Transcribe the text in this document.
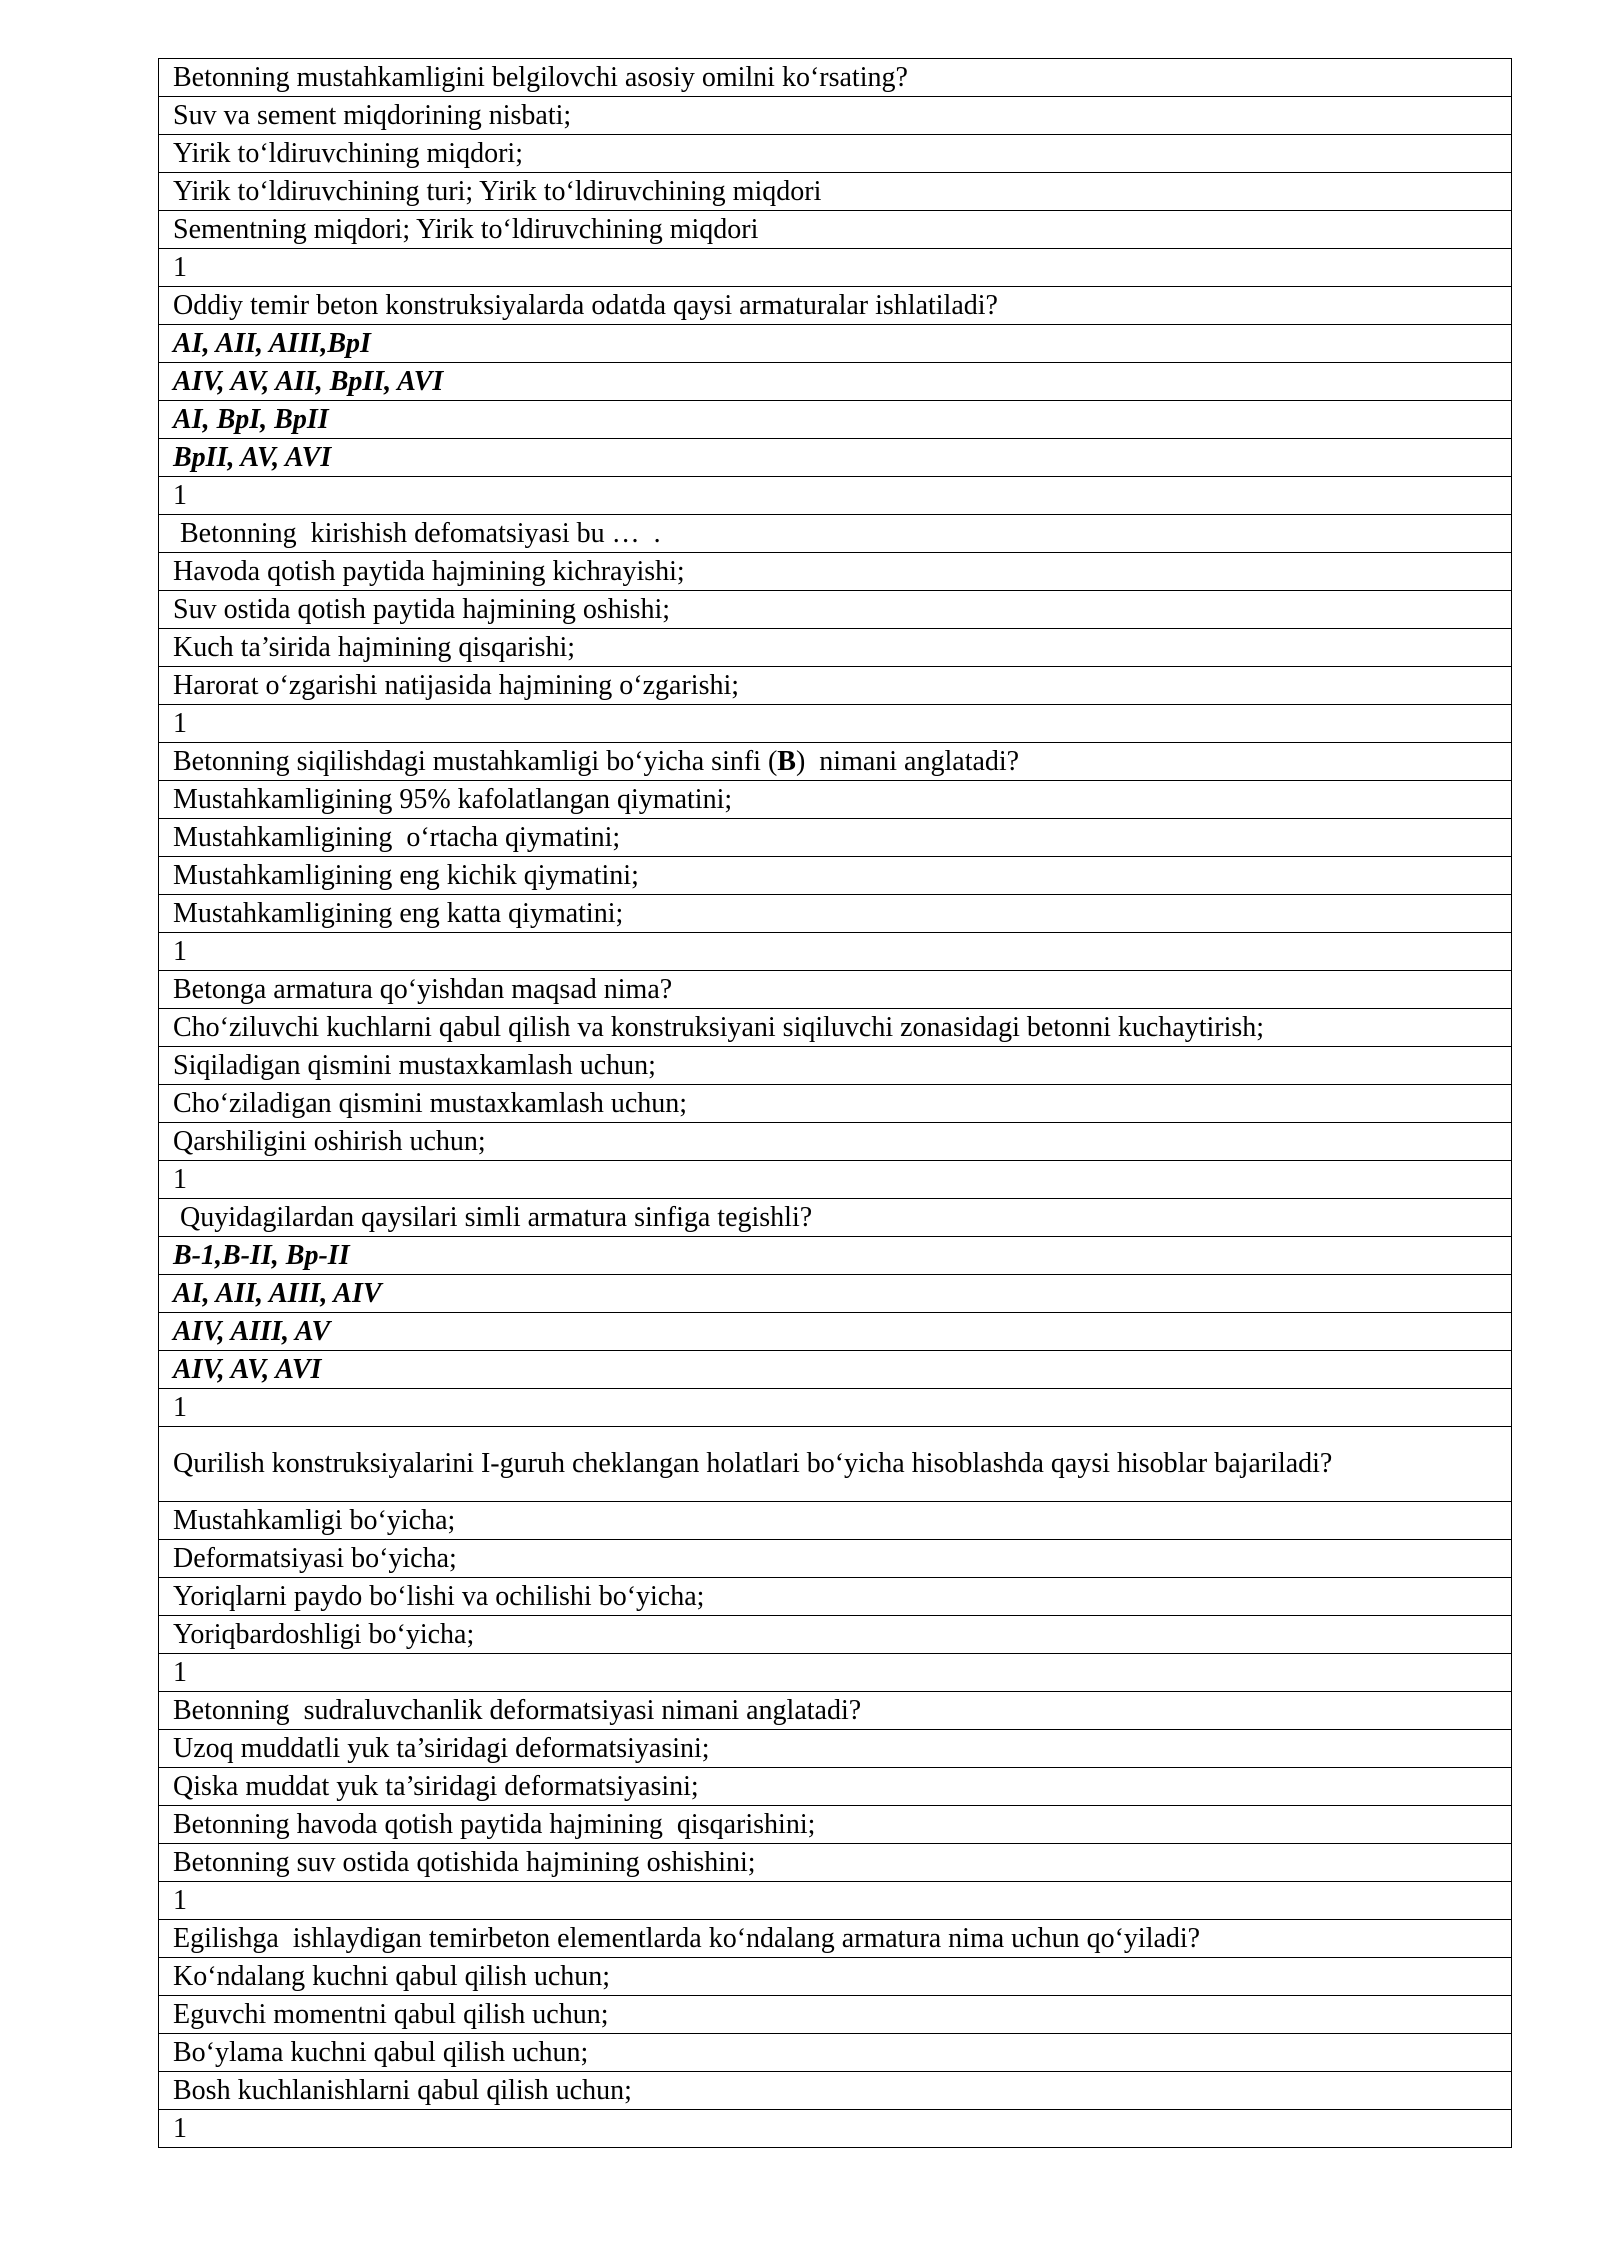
Betonning mustahkamligini belgilovchi asosiy omilni ko‘rsating?
Suv va sement miqdorining nisbati;
Yirik to‘ldiruvchining miqdori;
Yirik to‘ldiruvchining turi; Yirik to‘ldiruvchining miqdori
Sementning miqdori; Yirik to‘ldiruvchining miqdori
1
Oddiy temir beton konstruksiyalarda odatda qaysi armaturalar ishlatiladi?
AI, AII, AIII,BpI
AIV, AV, AII, BpII, AVI
AI, BpI, BpII
BpII, AV, AVI
1
Betonning  kirishish defomatsiyasi bu …  .
Havoda qotish paytida hajmining kichrayishi;
Suv ostida qotish paytida hajmining oshishi;
Kuch ta’sirida hajmining qisqarishi;
Harorat o‘zgarishi natijasida hajmining o‘zgarishi;
1
Betonning siqilishdagi mustahkamligi bo‘yicha sinfi (B)  nimani anglatadi?
Mustahkamligining 95% kafolatlangan qiymatini;
Mustahkamligining  o‘rtacha qiymatini;
Mustahkamligining eng kichik qiymatini;
Mustahkamligining eng katta qiymatini;
1
Betonga armatura qo‘yishdan maqsad nima?
Cho‘ziluvchi kuchlarni qabul qilish va konstruksiyani siqiluvchi zonasidagi betonni kuchaytirish;
Siqiladigan qismini mustaxkamlash uchun;
Cho‘ziladigan qismini mustaxkamlash uchun;
Qarshiligini oshirish uchun;
1
Quyidagilardan qaysilari simli armatura sinfiga tegishli?
B-1,B-II, Bp-II
AI, AII, AIII, AIV
AIV, AIII, AV
AIV, AV, AVI
1
Qurilish konstruksiyalarini I-guruh cheklangan holatlari bo‘yicha hisoblashda qaysi hisoblar bajariladi?
Mustahkamligi bo‘yicha;
Deformatsiyasi bo‘yicha;
Yoriqlarni paydo bo‘lishi va ochilishi bo‘yicha;
Yoriqbardoshligi bo‘yicha;
1
Betonning  sudraluvchanlik deformatsiyasi nimani anglatadi?
Uzoq muddatli yuk ta’siridagi deformatsiyasini;
Qiska muddat yuk ta’siridagi deformatsiyasini;
Betonning havoda qotish paytida hajmining  qisqarishini;
Betonning suv ostida qotishida hajmining oshishini;
1
Egilishga  ishlaydigan temirbeton elementlarda ko‘ndalang armatura nima uchun qo‘yiladi?
Ko‘ndalang kuchni qabul qilish uchun;
Eguvchi momentni qabul qilish uchun;
Bo‘ylama kuchni qabul qilish uchun;
Bosh kuchlanishlarni qabul qilish uchun;
1
